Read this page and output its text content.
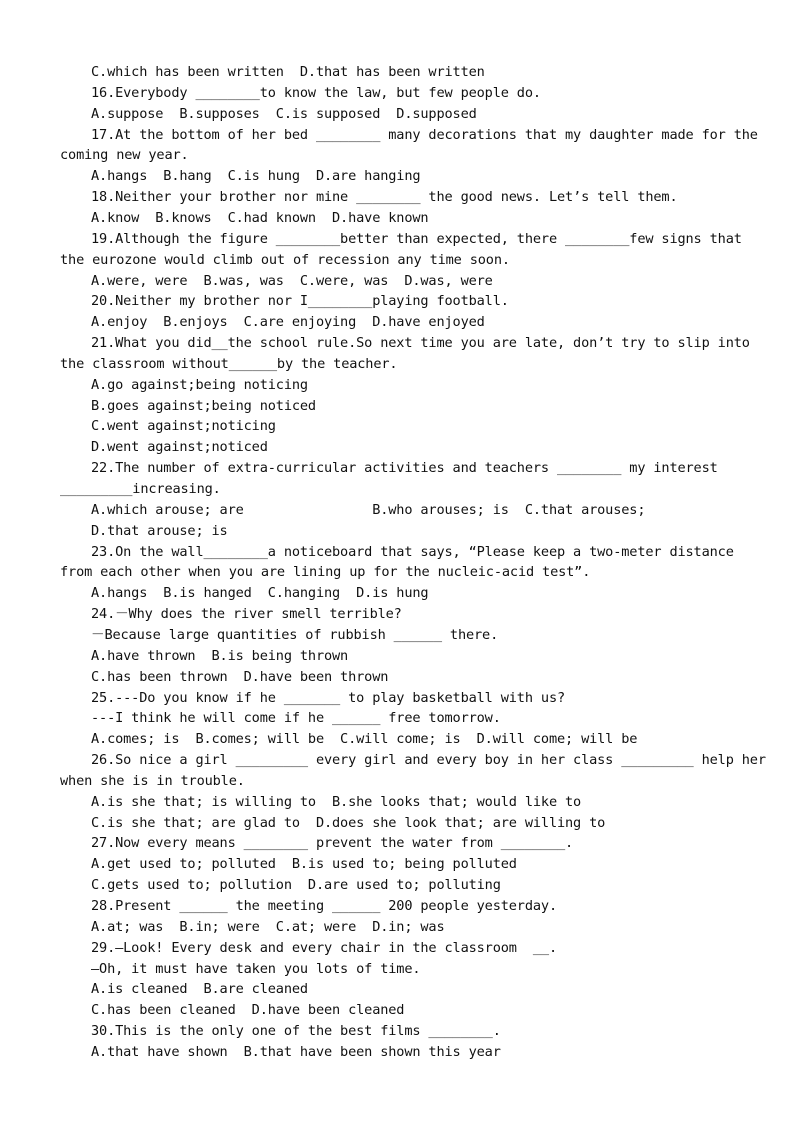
C.which has been written  D.that has been written
16.Everybody ________to know the law, but few people do.
A.suppose  B.supposes  C.is supposed  D.supposed
17.At the bottom of her bed ________ many decorations that my daughter made for the
coming new year.
A.hangs  B.hang  C.is hung  D.are hanging
18.Neither your brother nor mine ________ the good news. Let’s tell them.
A.know  B.knows  C.had known  D.have known
19.Although the figure ________better than expected, there ________few signs that
the eurozone would climb out of recession any time soon.
A.were, were  B.was, was  C.were, was  D.was, were
20.Neither my brother nor I________playing football.
A.enjoy  B.enjoys  C.are enjoying  D.have enjoyed
21.What you did__the school rule.So next time you are late, don’t try to slip into
the classroom without______by the teacher.
A.go against;being noticing
B.goes against;being noticed
C.went against;noticing
D.went against;noticed
22.The number of extra-curricular activities and teachers ________ my interest
_________increasing.
A.which arouse; are                B.who arouses; is  C.that arouses;
D.that arouse; is
23.On the wall________a noticeboard that says, “Please keep a two-meter distance
from each other when you are lining up for the nucleic-acid test”.
A.hangs  B.is hanged  C.hanging  D.is hung
24.－Why does the river smell terrible?
－Because large quantities of rubbish ______ there.
A.have thrown  B.is being thrown
C.has been thrown  D.have been thrown
25.---Do you know if he _______ to play basketball with us?
---I think he will come if he ______ free tomorrow.
A.comes; is  B.comes; will be  C.will come; is  D.will come; will be
26.So nice a girl _________ every girl and every boy in her class _________ help her
when she is in trouble.
A.is she that; is willing to  B.she looks that; would like to
C.is she that; are glad to  D.does she look that; are willing to
27.Now every means ________ prevent the water from ________.
A.get used to; polluted  B.is used to; being polluted
C.gets used to; pollution  D.are used to; polluting
28.Present ______ the meeting ______ 200 people yesterday.
A.at; was  B.in; were  C.at; were  D.in; was
29.—Look! Every desk and every chair in the classroom  __.
—Oh, it must have taken you lots of time.
A.is cleaned  B.are cleaned
C.has been cleaned  D.have been cleaned
30.This is the only one of the best films ________.
A.that have shown  B.that have been shown this year
